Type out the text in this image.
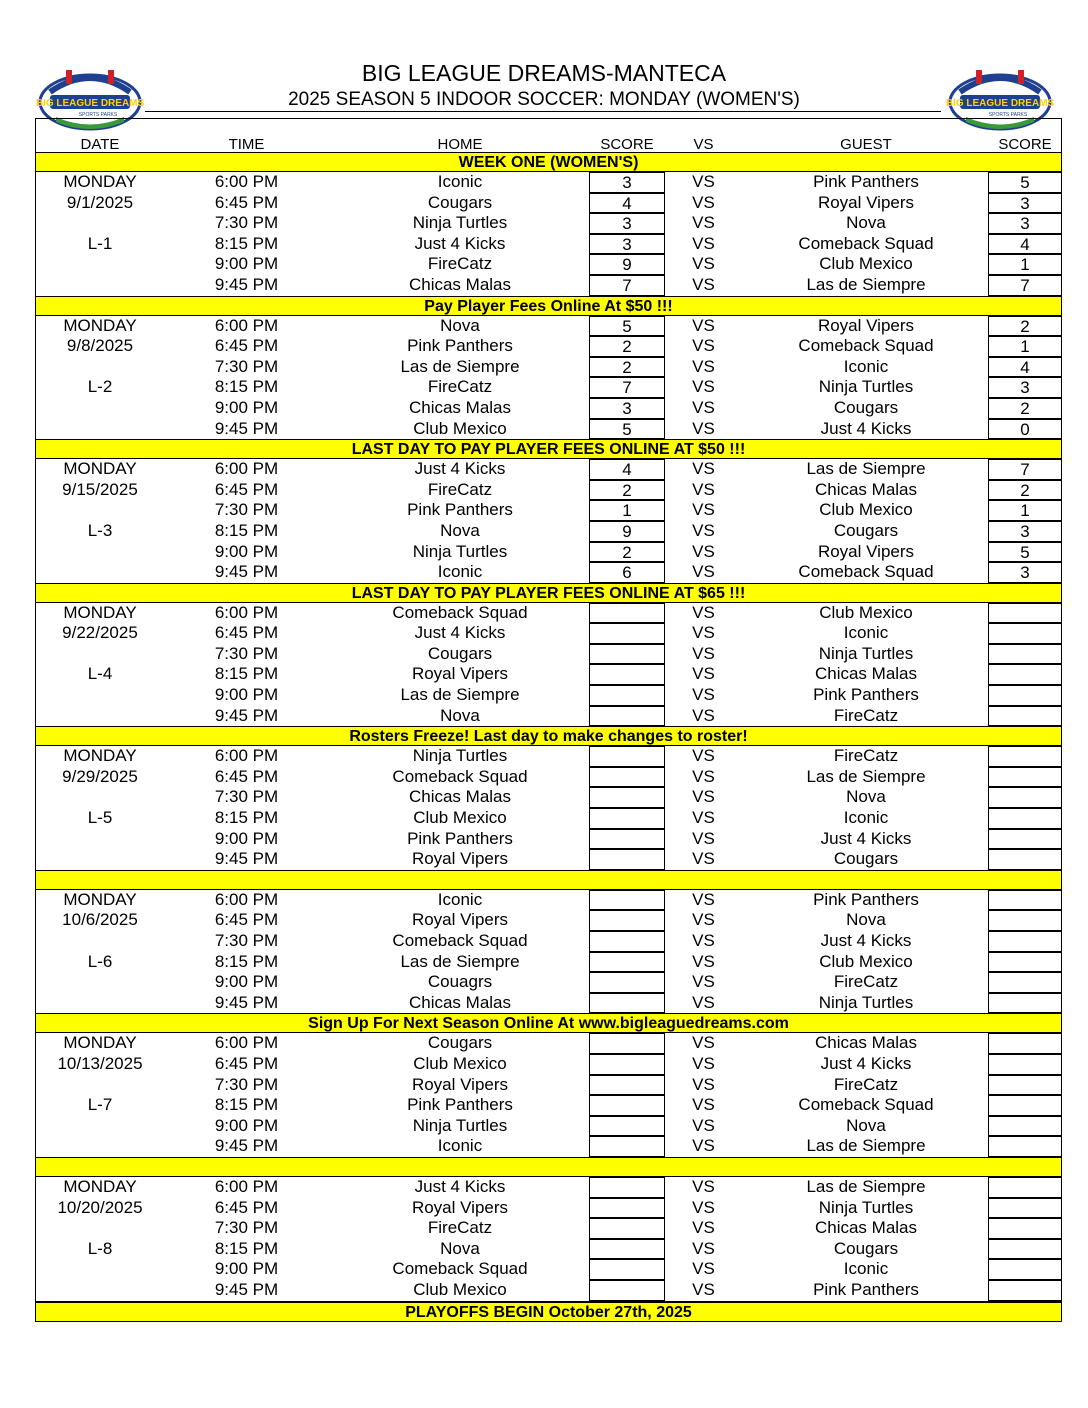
BIG LEAGUE DREAMS
SPORTS PARKS
BIG LEAGUE DREAMS
SPORTS PARKS
BIG LEAGUE DREAMS-MANTECA
2025 SEASON 5 INDOOR SOCCER: MONDAY (WOMEN'S)
DATE	TIME	HOME	SCORE	VS	GUEST	SCORE
WEEK ONE (WOMEN'S)
MONDAY	6:00 PM	Iconic	3	VS	Pink Panthers	5
9/1/2025	6:45 PM	Cougars	4	VS	Royal Vipers	3
7:30 PM	Ninja Turtles	3	VS	Nova	3
L-1	8:15 PM	Just 4 Kicks	3	VS	Comeback Squad	4
9:00 PM	FireCatz	9	VS	Club Mexico	1
9:45 PM	Chicas Malas	7	VS	Las de Siempre	7
Pay Player Fees Online At $50 !!!
MONDAY	6:00 PM	Nova	5	VS	Royal Vipers	2
9/8/2025	6:45 PM	Pink Panthers	2	VS	Comeback Squad	1
7:30 PM	Las de Siempre	2	VS	Iconic	4
L-2	8:15 PM	FireCatz	7	VS	Ninja Turtles	3
9:00 PM	Chicas Malas	3	VS	Cougars	2
9:45 PM	Club Mexico	5	VS	Just 4 Kicks	0
LAST DAY TO PAY PLAYER FEES ONLINE AT $50 !!!
MONDAY	6:00 PM	Just 4 Kicks	4	VS	Las de Siempre	7
9/15/2025	6:45 PM	FireCatz	2	VS	Chicas Malas	2
7:30 PM	Pink Panthers	1	VS	Club Mexico	1
L-3	8:15 PM	Nova	9	VS	Cougars	3
9:00 PM	Ninja Turtles	2	VS	Royal Vipers	5
9:45 PM	Iconic	6	VS	Comeback Squad	3
LAST DAY TO PAY PLAYER FEES ONLINE AT $65 !!!
MONDAY	6:00 PM	Comeback Squad	VS	Club Mexico
9/22/2025	6:45 PM	Just 4 Kicks	VS	Iconic
7:30 PM	Cougars	VS	Ninja Turtles
L-4	8:15 PM	Royal Vipers	VS	Chicas Malas
9:00 PM	Las de Siempre	VS	Pink Panthers
9:45 PM	Nova	VS	FireCatz
Rosters Freeze! Last day to make changes to roster!
MONDAY	6:00 PM	Ninja Turtles	VS	FireCatz
9/29/2025	6:45 PM	Comeback Squad	VS	Las de Siempre
7:30 PM	Chicas Malas	VS	Nova
L-5	8:15 PM	Club Mexico	VS	Iconic
9:00 PM	Pink Panthers	VS	Just 4 Kicks
9:45 PM	Royal Vipers	VS	Cougars
MONDAY	6:00 PM	Iconic	VS	Pink Panthers
10/6/2025	6:45 PM	Royal Vipers	VS	Nova
7:30 PM	Comeback Squad	VS	Just 4 Kicks
L-6	8:15 PM	Las de Siempre	VS	Club Mexico
9:00 PM	Couagrs	VS	FireCatz
9:45 PM	Chicas Malas	VS	Ninja Turtles
Sign Up For Next Season Online At www.bigleaguedreams.com
MONDAY	6:00 PM	Cougars	VS	Chicas Malas
10/13/2025	6:45 PM	Club Mexico	VS	Just 4 Kicks
7:30 PM	Royal Vipers	VS	FireCatz
L-7	8:15 PM	Pink Panthers	VS	Comeback Squad
9:00 PM	Ninja Turtles	VS	Nova
9:45 PM	Iconic	VS	Las de Siempre
MONDAY	6:00 PM	Just 4 Kicks	VS	Las de Siempre
10/20/2025	6:45 PM	Royal Vipers	VS	Ninja Turtles
7:30 PM	FireCatz	VS	Chicas Malas
L-8	8:15 PM	Nova	VS	Cougars
9:00 PM	Comeback Squad	VS	Iconic
9:45 PM	Club Mexico	VS	Pink Panthers
PLAYOFFS BEGIN October 27th, 2025
